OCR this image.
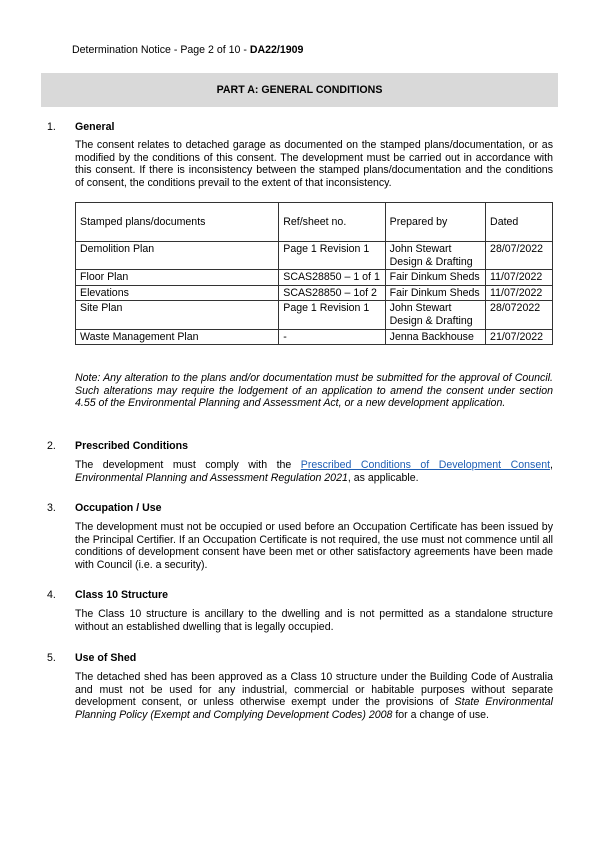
Determination Notice - Page 2 of 10 - DA22/1909
PART A: GENERAL CONDITIONS
1. General
The consent relates to detached garage as documented on the stamped plans/documentation, or as modified by the conditions of this consent. The development must be carried out in accordance with this consent. If there is inconsistency between the stamped plans/documentation and the conditions of consent, the conditions prevail to the extent of that inconsistency.
Stamped plans/documents	Ref/sheet no.	Prepared by	Dated
Demolition Plan	Page 1 Revision 1	John Stewart Design & Drafting	28/07/2022
Floor Plan	SCAS28850 – 1 of 1	Fair Dinkum Sheds	11/07/2022
Elevations	SCAS28850 – 1of 2	Fair Dinkum Sheds	11/07/2022
Site Plan	Page 1 Revision 1	John Stewart Design & Drafting	28/072022
Waste Management Plan	-	Jenna Backhouse	21/07/2022
Note: Any alteration to the plans and/or documentation must be submitted for the approval of Council. Such alterations may require the lodgement of an application to amend the consent under section 4.55 of the Environmental Planning and Assessment Act, or a new development application.
2. Prescribed Conditions
The development must comply with the Prescribed Conditions of Development Consent, Environmental Planning and Assessment Regulation 2021, as applicable.
3. Occupation / Use
The development must not be occupied or used before an Occupation Certificate has been issued by the Principal Certifier. If an Occupation Certificate is not required, the use must not commence until all conditions of development consent have been met or other satisfactory agreements have been made with Council (i.e. a security).
4. Class 10 Structure
The Class 10 structure is ancillary to the dwelling and is not permitted as a standalone structure without an established dwelling that is legally occupied.
5. Use of Shed
The detached shed has been approved as a Class 10 structure under the Building Code of Australia and must not be used for any industrial, commercial or habitable purposes without separate development consent, or unless otherwise exempt under the provisions of State Environmental Planning Policy (Exempt and Complying Development Codes) 2008 for a change of use.
